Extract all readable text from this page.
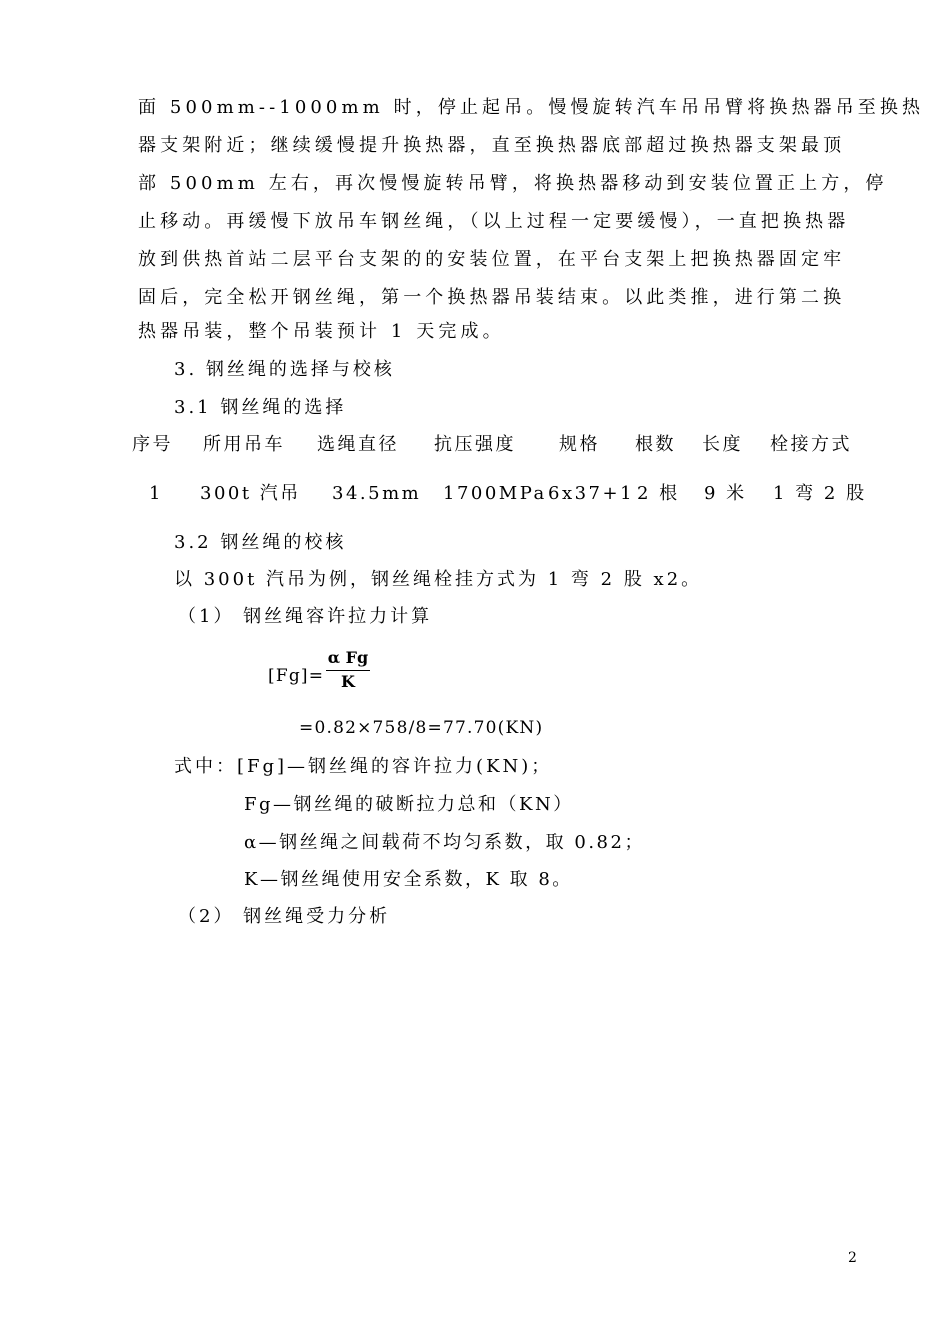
面 500mm--1000mm 时，停止起吊。慢慢旋转汽车吊吊臂将换热器吊至换热
器支架附近；继续缓慢提升换热器，直至换热器底部超过换热器支架最顶
部 500mm 左右，再次慢慢旋转吊臂，将换热器移动到安装位置正上方，停
止移动。再缓慢下放吊车钢丝绳，（以上过程一定要缓慢），一直把换热器
放到供热首站二层平台支架的的安装位置，在平台支架上把换热器固定牢
固后，完全松开钢丝绳，第一个换热器吊装结束。以此类推，进行第二换
热器吊装，整个吊装预计 1 天完成。
3. 钢丝绳的选择与校核
3.1 钢丝绳的选择
序号 所用吊车 选绳直径 抗压强度 规格 根数 长度 栓接方式
1 300t 汽吊 34.5mm 1700MPa 6x37+1 2 根 9 米 1 弯 2 股
3.2 钢丝绳的校核
以 300t 汽吊为例，钢丝绳栓挂方式为 1 弯 2 股 x2。
（1） 钢丝绳容许拉力计算
[Fg]=
α Fg
K
=0.82×758/8=77.70(KN)
式中：[Fg]—钢丝绳的容许拉力(KN)；
Fg—钢丝绳的破断拉力总和（KN）
α—钢丝绳之间载荷不均匀系数，取 0.82；
K—钢丝绳使用安全系数，K 取 8。
（2） 钢丝绳受力分析
2
